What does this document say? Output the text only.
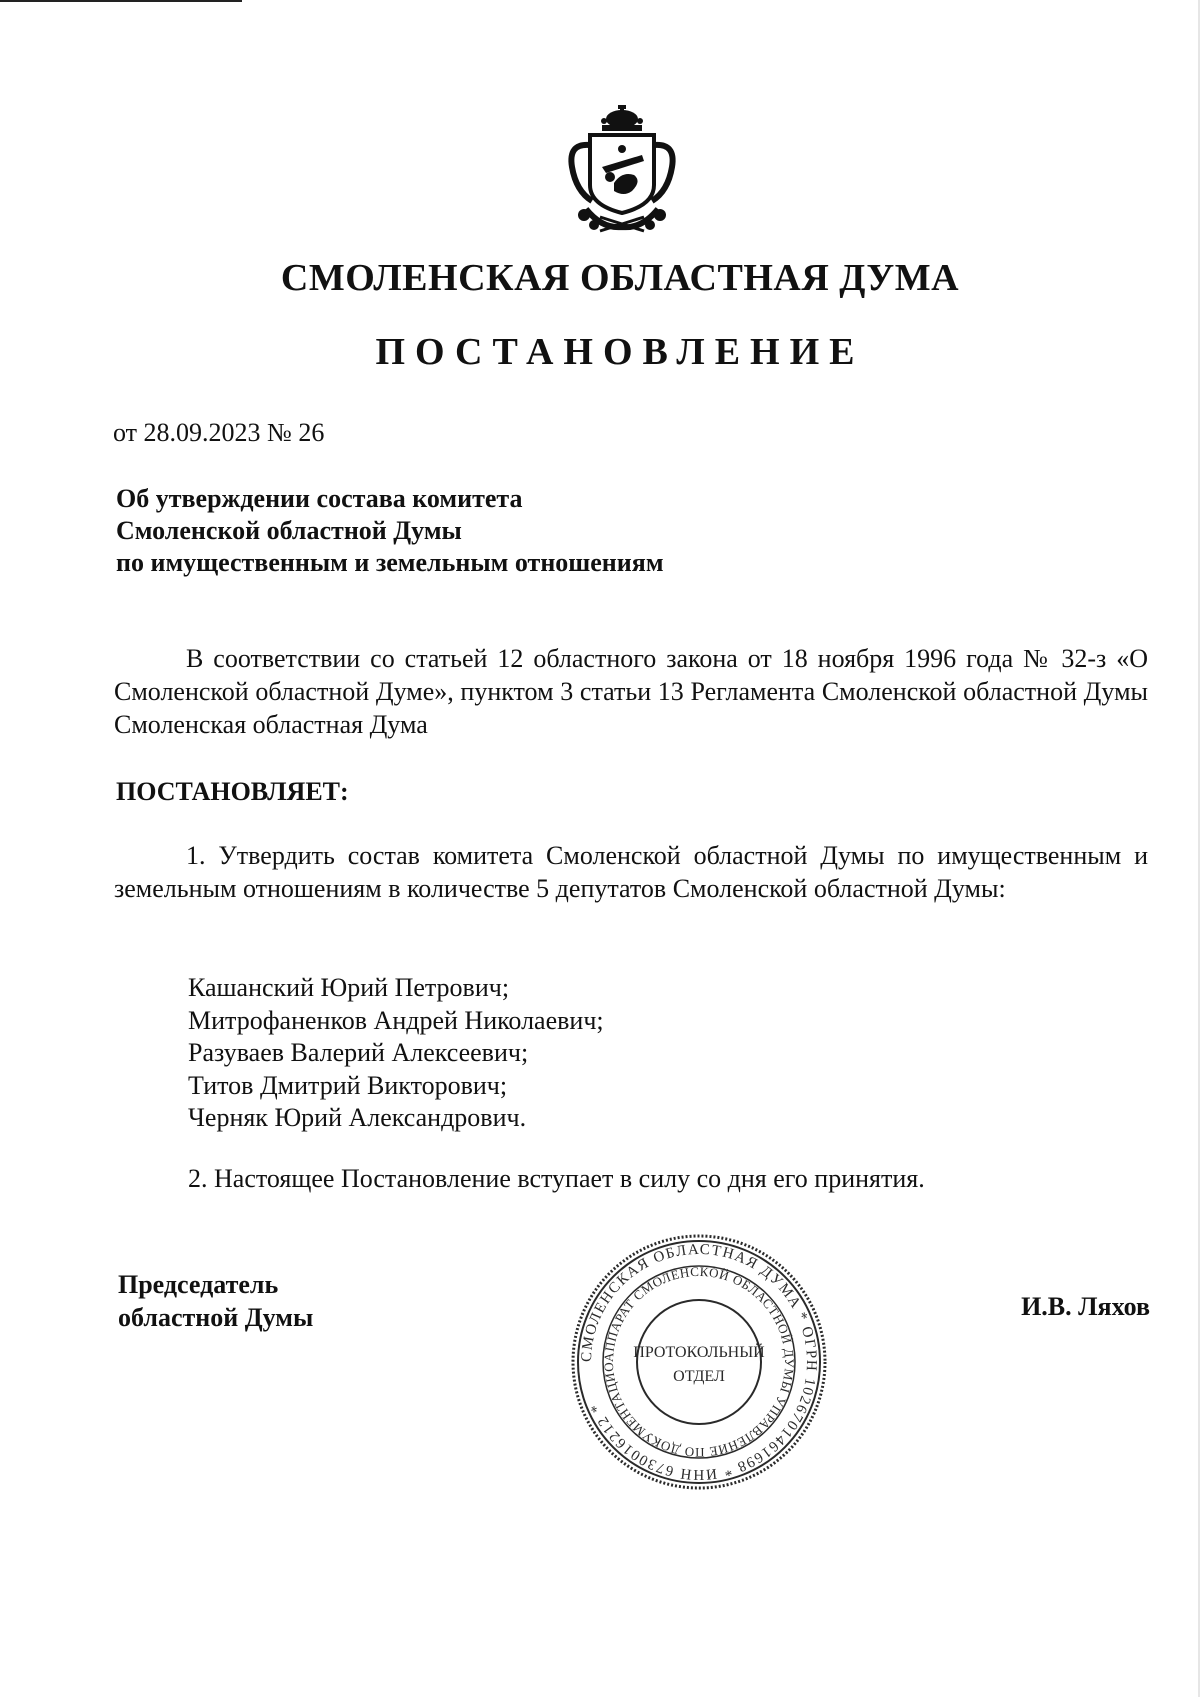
СМОЛЕНСКАЯ ОБЛАСТНАЯ ДУМА
ПОСТАНОВЛЕНИЕ
от 28.09.2023 № 26
Об утверждении состава комитета
Смоленской областной Думы
по имущественным и земельным отношениям
В соответствии со статьей 12 областного закона от 18 ноября 1996 года № 32-з «О Смоленской областной Думе», пунктом 3 статьи 13 Регламента Смоленской областной Думы Смоленская областная Дума
ПОСТАНОВЛЯЕТ:
1. Утвердить состав комитета Смоленской областной Думы по имущественным и земельным отношениям в количестве 5 депутатов Смоленской областной Думы:
Кашанский Юрий Петрович;
Митрофаненков Андрей Николаевич;
Разуваев Валерий Алексеевич;
Титов Дмитрий Викторович;
Черняк Юрий Александрович.
2. Настоящее Постановление вступает в силу со дня его принятия.
Председатель
областной Думы	И.В. Ляхов
СМОЛЕНСКАЯ ОБЛАСТНАЯ ДУМА * ОГРН 1026701461698 * ИНН 6730016212 *
АППАРАТ СМОЛЕНСКОЙ ОБЛАСТНОЙ ДУМЫ УПРАВЛЕНИЕ ПО ДОКУМЕНТАЦИО
ПРОТОКОЛЬНЫЙ
ОТДЕЛ
